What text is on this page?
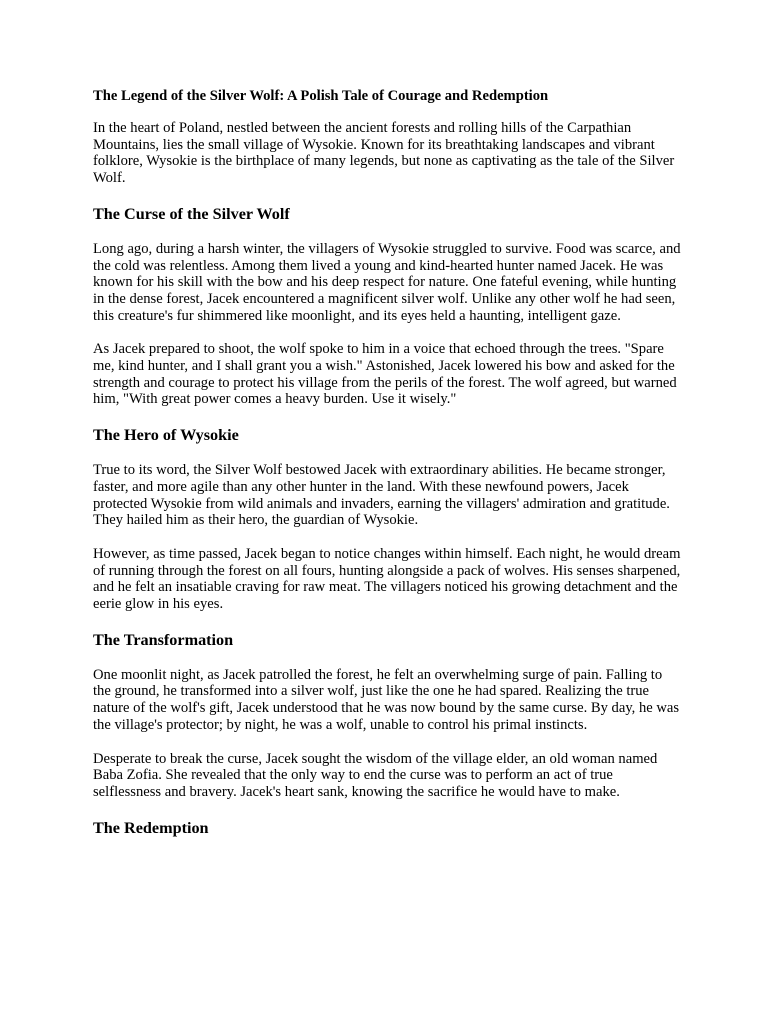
The Legend of the Silver Wolf: A Polish Tale of Courage and Redemption

In the heart of Poland, nestled between the ancient forests and rolling hills of the Carpathian Mountains, lies the small village of Wysokie. Known for its breathtaking landscapes and vibrant folklore, Wysokie is the birthplace of many legends, but none as captivating as the tale of the Silver Wolf.

The Curse of the Silver Wolf

Long ago, during a harsh winter, the villagers of Wysokie struggled to survive. Food was scarce, and the cold was relentless. Among them lived a young and kind-hearted hunter named Jacek. He was known for his skill with the bow and his deep respect for nature. One fateful evening, while hunting in the dense forest, Jacek encountered a magnificent silver wolf. Unlike any other wolf he had seen, this creature's fur shimmered like moonlight, and its eyes held a haunting, intelligent gaze.

As Jacek prepared to shoot, the wolf spoke to him in a voice that echoed through the trees. "Spare me, kind hunter, and I shall grant you a wish." Astonished, Jacek lowered his bow and asked for the strength and courage to protect his village from the perils of the forest. The wolf agreed, but warned him, "With great power comes a heavy burden. Use it wisely."

The Hero of Wysokie

True to its word, the Silver Wolf bestowed Jacek with extraordinary abilities. He became stronger, faster, and more agile than any other hunter in the land. With these newfound powers, Jacek protected Wysokie from wild animals and invaders, earning the villagers' admiration and gratitude. They hailed him as their hero, the guardian of Wysokie.

However, as time passed, Jacek began to notice changes within himself. Each night, he would dream of running through the forest on all fours, hunting alongside a pack of wolves. His senses sharpened, and he felt an insatiable craving for raw meat. The villagers noticed his growing detachment and the eerie glow in his eyes.

The Transformation

One moonlit night, as Jacek patrolled the forest, he felt an overwhelming surge of pain. Falling to the ground, he transformed into a silver wolf, just like the one he had spared. Realizing the true nature of the wolf's gift, Jacek understood that he was now bound by the same curse. By day, he was the village's protector; by night, he was a wolf, unable to control his primal instincts.

Desperate to break the curse, Jacek sought the wisdom of the village elder, an old woman named Baba Zofia. She revealed that the only way to end the curse was to perform an act of true selflessness and bravery. Jacek's heart sank, knowing the sacrifice he would have to make.

The Redemption
